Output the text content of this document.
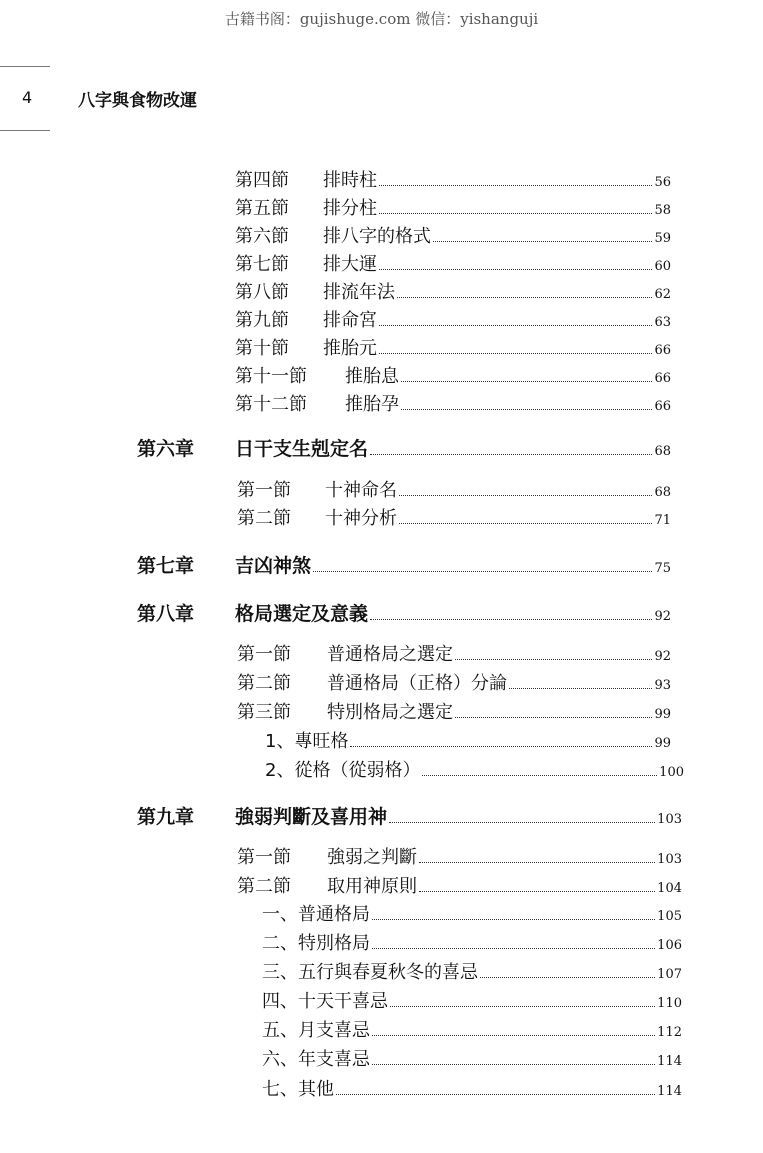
古籍书阁：gujishuge.com 微信：yishanguji
4	八字與食物改運
第四節	排時柱	56
第五節	排分柱	58
第六節	排八字的格式	59
第七節	排大運	60
第八節	排流年法	62
第九節	排命宮	63
第十節	推胎元	66
第十一節	推胎息	66
第十二節	推胎孕	66
第六章	日干支生剋定名	68
第一節	十神命名	68
第二節	十神分析	71
第七章	吉凶神煞	75
第八章	格局選定及意義	92
第一節	普通格局之選定	92
第二節	普通格局（正格）分論	93
第三節	特別格局之選定	99
1、專旺格	99
2、從格（從弱格）	100
第九章	強弱判斷及喜用神	103
第一節	強弱之判斷	103
第二節	取用神原則	104
一、普通格局	105
二、特別格局	106
三、五行與春夏秋冬的喜忌	107
四、十天干喜忌	110
五、月支喜忌	112
六、年支喜忌	114
七、其他	114
